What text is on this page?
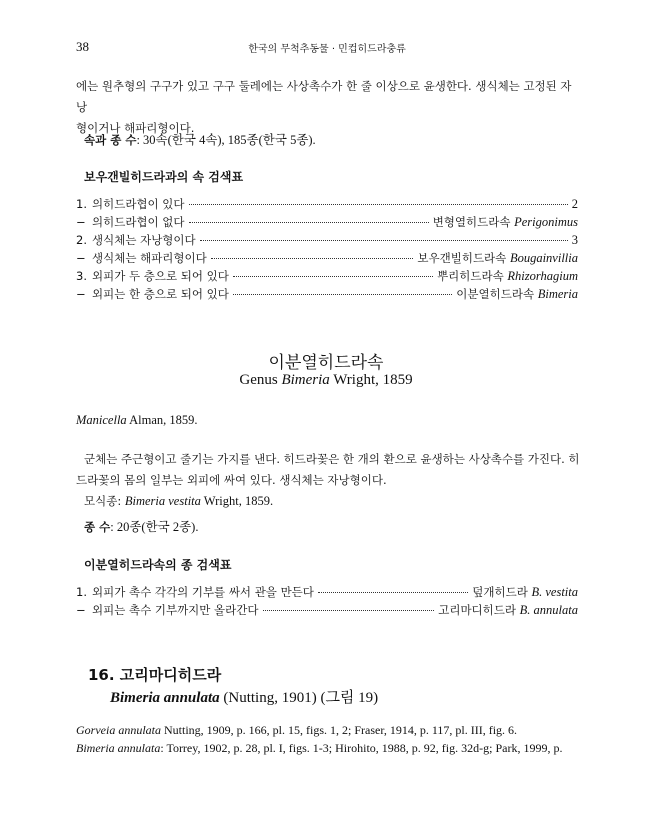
38	한국의 무척추동물 · 민컵히드라충류
에는 원추형의 구구가 있고 구구 둘레에는 사상촉수가 한 줄 이상으로 윤생한다. 생식체는 고정된 자낭
형이거나 해파리형이다.
속과 종 수: 30속(한국 4속), 185종(한국 5종).
보우갠빌히드라과의 속 검색표
1. 의히드라협이 있다	2
− 의히드라협이 없다	변형열히드라속 Perigonimus
2. 생식체는 자낭형이다	3
− 생식체는 해파리형이다	보우갠빌히드라속 Bougainvillia
3. 외피가 두 층으로 되어 있다	뿌리히드라속 Rhizorhagium
− 외피는 한 층으로 되어 있다	이분열히드라속 Bimeria
이분열히드라속
Genus Bimeria Wright, 1859
Manicella Alman, 1859.
군체는 주근형이고 줄기는 가지를 낸다. 히드라꽃은 한 개의 환으로 윤생하는 사상촉수를 가진다. 히
드라꽃의 몸의 일부는 외피에 싸여 있다. 생식체는 자낭형이다.
모식종: Bimeria vestita Wright, 1859.
종 수: 20종(한국 2종).
이분열히드라속의 종 검색표
1. 외피가 촉수 각각의 기부를 싸서 관을 만든다	덮개히드라 B. vestita
− 외피는 촉수 기부까지만 올라간다	고리마디히드라 B. annulata
16. 고리마디히드라
Bimeria annulata (Nutting, 1901) (그림 19)
Gorveia annulata Nutting, 1909, p. 166, pl. 15, figs. 1, 2; Fraser, 1914, p. 117, pl. III, fig. 6.
Bimeria annulata: Torrey, 1902, p. 28, pl. I, figs. 1-3; Hirohito, 1988, p. 92, fig. 32d-g; Park, 1999, p.
